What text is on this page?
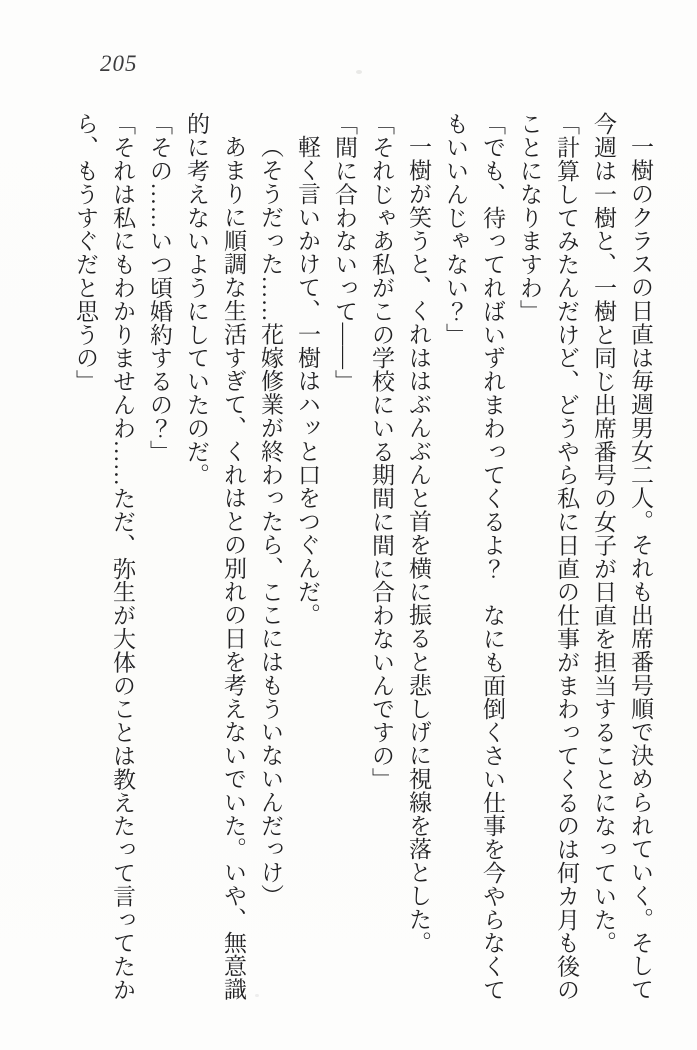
205

一樹のクラスの日直は毎週男女二人。それも出席番号順で決められていく。そして

今週は一樹と、一樹と同じ出席番号の女子が日直を担当することになっていた。

「計算してみたんだけど、どうやら私に日直の仕事がまわってくるのは何カ月も後の

ことになりますわ」

「でも、待ってればいずれまわってくるよ？　なにも面倒くさい仕事を今やらなくて

もいいんじゃない？」

一樹が笑うと、くれははぶんぶんと首を横に振ると悲しげに視線を落とした。

「それじゃあ私がこの学校にいる期間に間に合わないんですの」

「間に合わないって——」

軽く言いかけて、一樹はハッと口をつぐんだ。

（そうだった……花嫁修業が終わったら、ここにはもういないんだっけ）

あまりに順調な生活すぎて、くれはとの別れの日を考えないでいた。いや、無意識

的に考えないようにしていたのだ。

「その……いつ頃婚約するの？」

「それは私にもわかりませんわ……ただ、弥生が大体のことは教えたって言ってたか

ら、もうすぐだと思うの」
